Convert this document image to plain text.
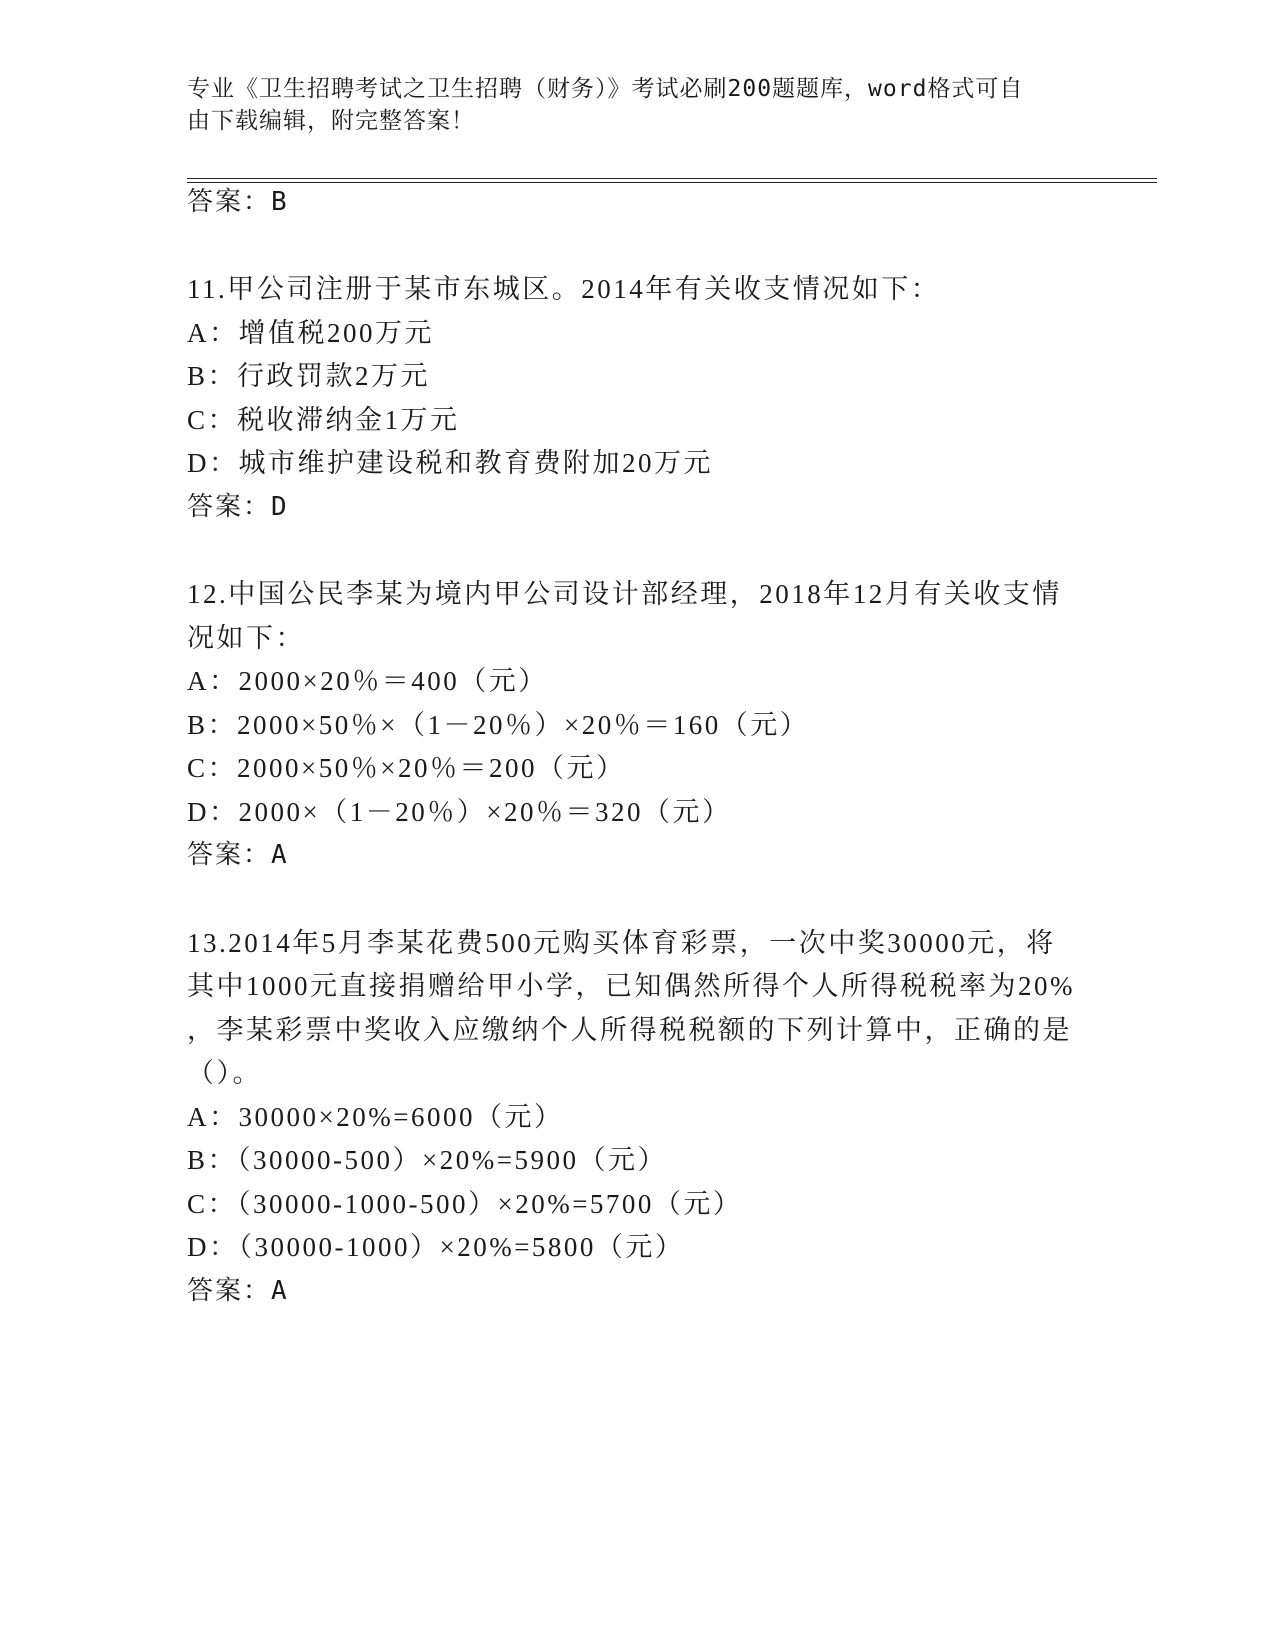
专业《卫生招聘考试之卫生招聘（财务）》考试必刷200题题库，word格式可自
由下载编辑，附完整答案！
答案：B
11.甲公司注册于某市东城区。2014年有关收支情况如下：
A：增值税200万元
B：行政罚款2万元
C：税收滞纳金1万元
D：城市维护建设税和教育费附加20万元
答案：D
12.中国公民李某为境内甲公司设计部经理，2018年12月有关收支情
况如下：
A：2000×20％＝400（元）
B：2000×50％×（1－20％）×20％＝160（元）
C：2000×50％×20％＝200（元）
D：2000×（1－20％）×20％＝320（元）
答案：A
13.2014年5月李某花费500元购买体育彩票，一次中奖30000元，将
其中1000元直接捐赠给甲小学，已知偶然所得个人所得税税率为20%
，李某彩票中奖收入应缴纳个人所得税税额的下列计算中，正确的是
（）。
A：30000×20%=6000（元）
B：（30000-500）×20%=5900（元）
C：（30000-1000-500）×20%=5700（元）
D：（30000-1000）×20%=5800（元）
答案：A
